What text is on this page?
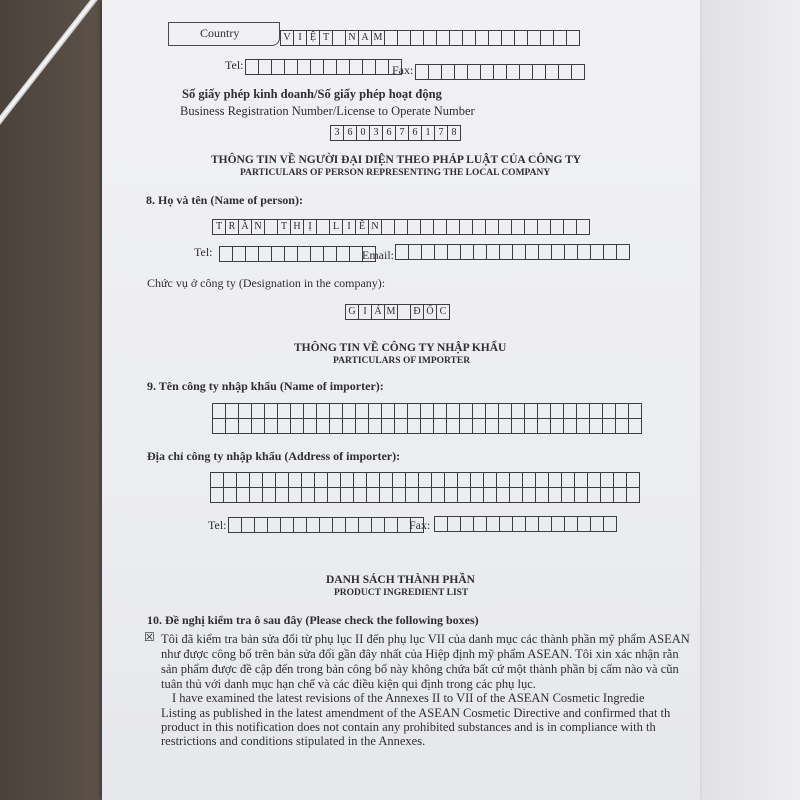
Country	V I Ệ T	N A M
Tel:	Fax:
Số giấy phép kinh doanh/Số giấy phép hoạt động
Business Registration Number/License to Operate Number
3 6 0 3 6 7 6 1 7 8
THÔNG TIN VỀ NGƯỜI ĐẠI DIỆN THEO PHÁP LUẬT CỦA CÔNG TY
PARTICULARS OF PERSON REPRESENTING THE LOCAL COMPANY
8. Họ và tên (Name of person):
T R Ầ N	T H Ị	L I Ê N
Tel:	Email:
Chức vụ ở công ty (Designation in the company):
G I Á M	Đ Ố C
THÔNG TIN VỀ CÔNG TY NHẬP KHẨU
PARTICULARS OF IMPORTER
9. Tên công ty nhập khẩu (Name of importer):
Địa chỉ công ty nhập khẩu (Address of importer):
Tel:	Fax:
DANH SÁCH THÀNH PHẦN
PRODUCT INGREDIENT LIST
10. Đề nghị kiểm tra ô sau đây (Please check the following boxes)
☒ Tôi đã kiểm tra bản sửa đổi từ phụ lục II đến phụ lục VII của danh mục các thành phần mỹ phẩm ASEAN
như được công bố trên bản sửa đổi gần đây nhất của Hiệp định mỹ phẩm ASEAN. Tôi xin xác nhận rằn
sản phẩm được đề cập đến trong bản công bố này không chứa bất cứ một thành phần bị cấm nào và cũn
tuân thủ với danh mục hạn chế và các điều kiện qui định trong các phụ lục.
I have examined the latest revisions of the Annexes II to VII of the ASEAN Cosmetic Ingredie
Listing as published in the latest amendment of the ASEAN Cosmetic Directive and confirmed that th
product in this notification does not contain any prohibited substances and is in compliance with th
restrictions and conditions stipulated in the Annexes.
